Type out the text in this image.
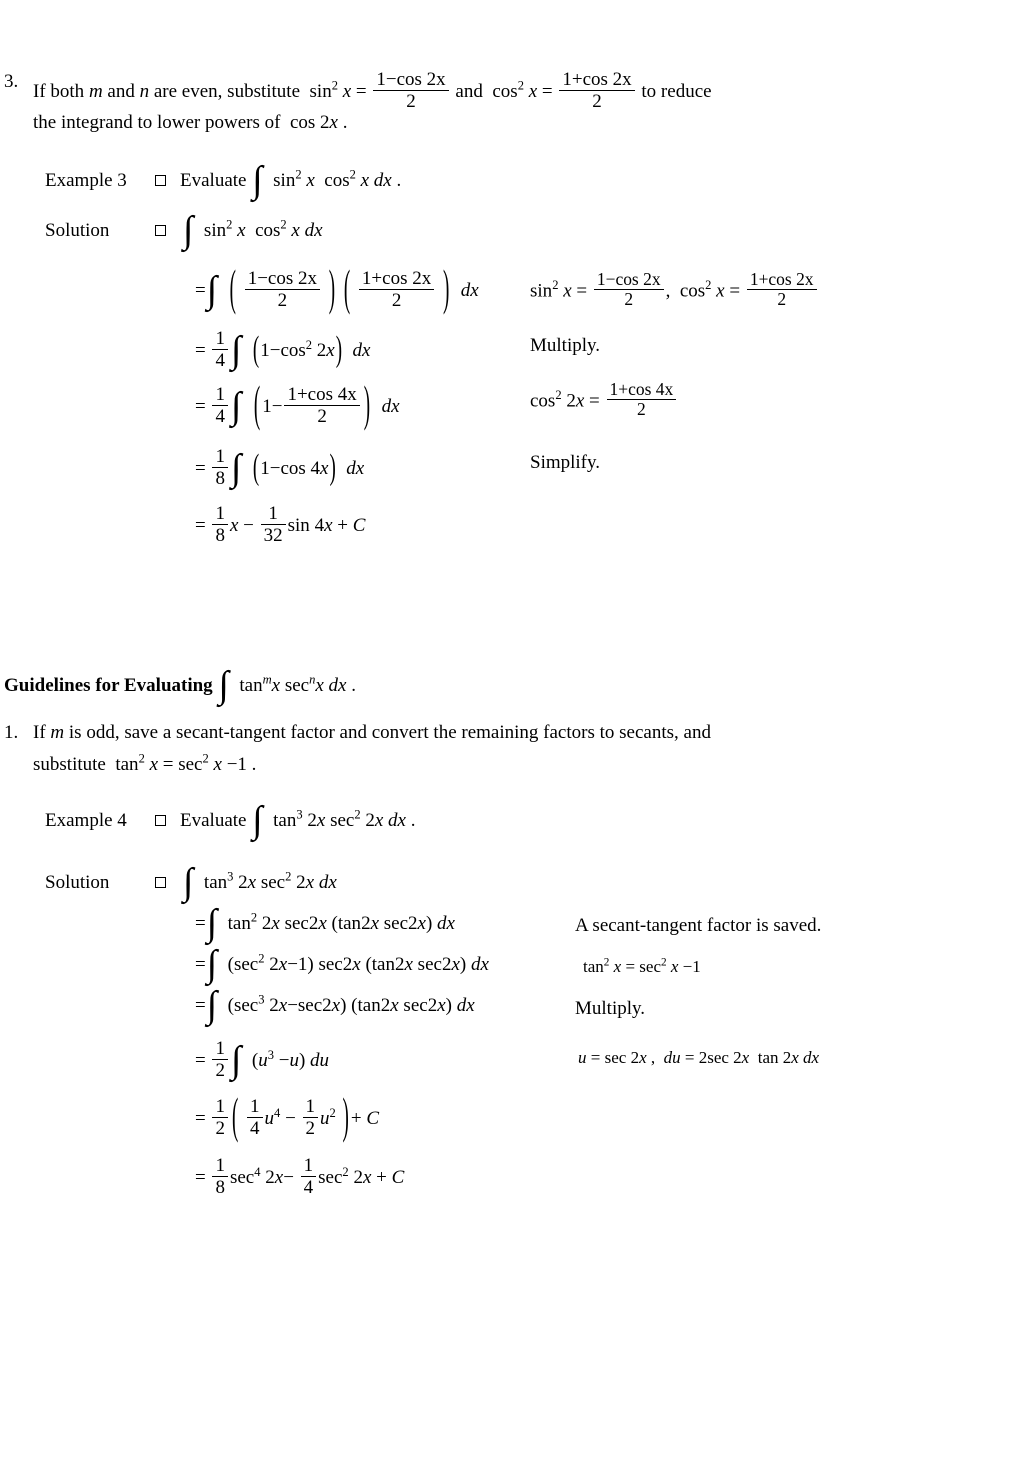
3. If both m and n are even, substitute $\sin^2 x = \frac{1-\cos 2x}{2}$ and $\cos^2 x = \frac{1+\cos 2x}{2}$ to reduce
the integrand to lower powers of cos 2x .
Example 3	Evaluate ∫ $\sin^2 x$ $\cos^2 x$ dx .
Solution ∫ $\sin^2 x$ $\cos^2 x$ dx
=∫ ( $\frac{1-\cos 2x}{2}$ ) ( $\frac{1+\cos 2x}{2}$ ) dx	$\sin^2 x = \frac{1-\cos 2x}{2}$ ,  $\cos^2 x = \frac{1+\cos 2x}{2}$
= $\frac{1}{4}$ ∫ ($1-\cos^2$ 2x) dx	Multiply.
= $\frac{1}{4}$ ∫ ( $1- \frac{1+\cos 4x}{2}$ ) dx	$\cos^2 2x = \frac{1+\cos 4x}{2}$
= $\frac{1}{8}$ ∫ (1−cos 4x) dx	Simplify.
= $\frac{1}{8}$ $x - \frac{1}{32}$ sin 4x + C
Guidelines for Evaluating ∫ $\tan^mx$ $\sec^nx$ dx .
1. If m is odd, save a secant-tangent factor and convert the remaining factors to secants, and
substitute $\tan^2 x = \sec^2 x -1$ .
Example 4	Evaluate ∫ $\tan^3 2x$ $\sec^2 2x$ dx .
Solution ∫ $\tan^3 2x$ $\sec^2 2x$ dx
=∫ $\tan^2 2x$ sec2x (tan2x sec2x) dx	A secant-tangent factor is saved.
=∫  ($\sec^2$ 2x−1) sec2x (tan2x sec2x) dx	$\tan^2 x = \sec^2 x -1$
=∫  ($\sec^3$ 2x−sec2x) (tan2x sec2x) dx	Multiply.
= $\frac{1}{2}$ ∫  $(u^3 -u)$ du	u = sec 2x ,  du = 2sec 2x tan 2x dx
= $\frac{1}{2}$ ( $\frac{1}{4} u^4 - \frac{1}{2} u^2$ ) + C
= $\frac{1}{8} \sec^4 2x- \frac{1}{4} \sec^2 2x + C$
